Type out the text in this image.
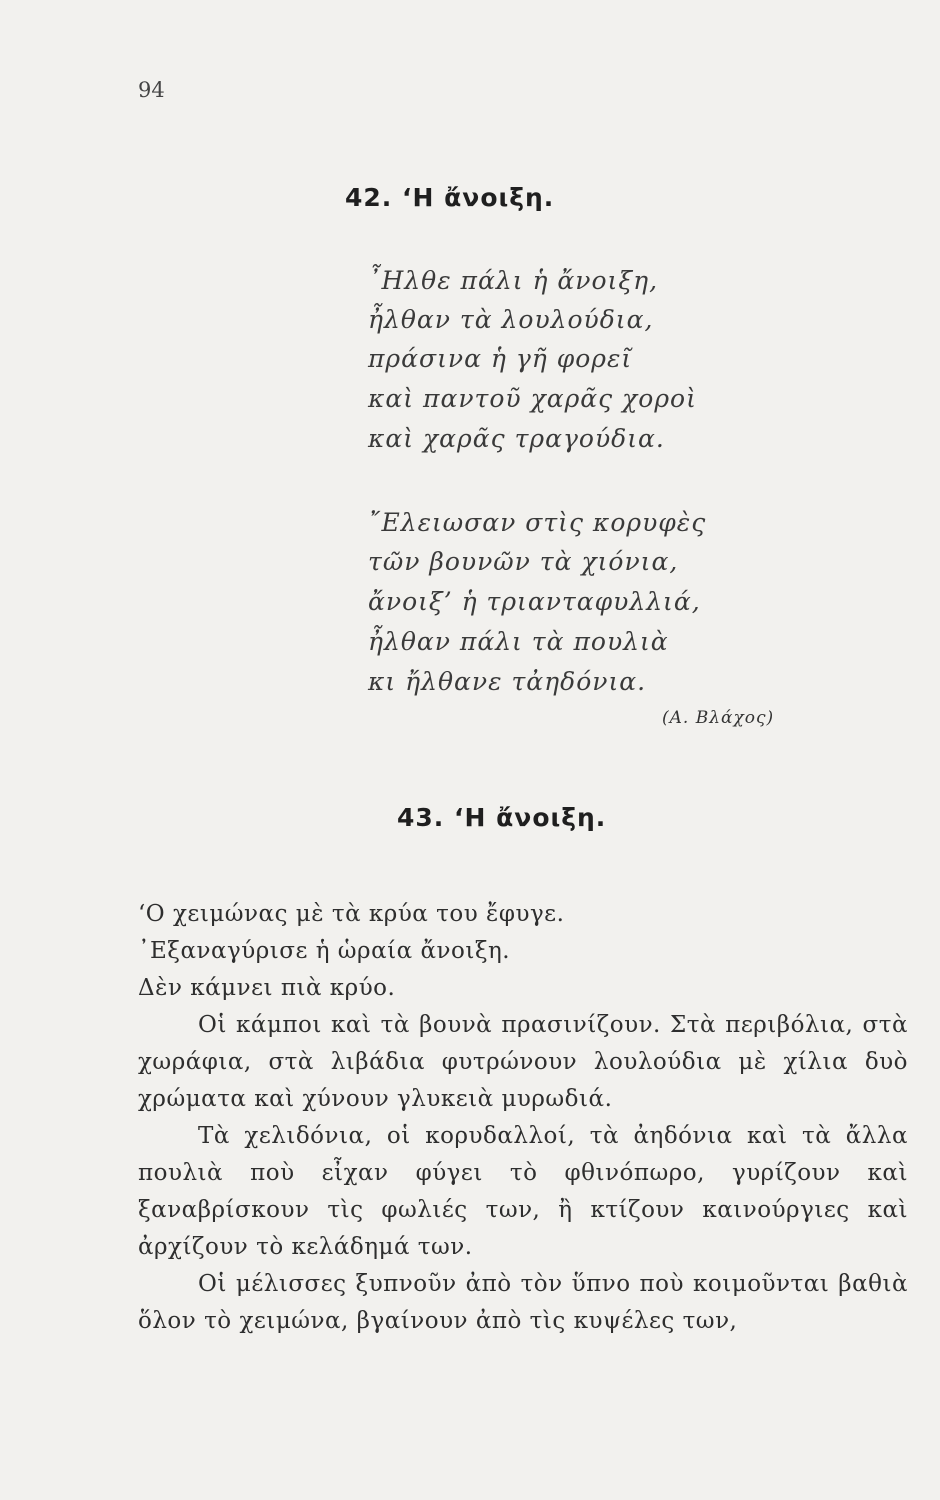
94
42. ‘Η ἄνοιξη.
῏Ηλθε πάλι ἡ ἄνοιξη,
ἦλθαν τὰ λουλούδια,
πράσινα ἡ γῆ φορεῖ
καὶ παντοῦ χαρᾶς χοροὶ
καὶ χαρᾶς τραγούδια.
῎Ελειωσαν στὶς κορυφὲς
τῶν βουνῶν τὰ χιόνια,
ἄνοιξ’ ἡ τριανταφυλλιά,
ἦλθαν πάλι τὰ πουλιὰ
κι ἤλθανε τἀηδόνια.
(Α. Βλάχος)
43. ‘Η ἄνοιξη.

‘Ο χειμώνας μὲ τὰ κρύα του ἔφυγε.

᾿Εξαναγύρισε ἡ ὡραία ἄνοιξη.

Δὲν κάμνει πιὰ κρύο.

Οἱ κάμποι καὶ τὰ βουνὰ πρασινίζουν. Στὰ περιβόλια, στὰ χωράφια, στὰ λιβάδια φυτρώνουν λουλούδια μὲ χίλια δυὸ χρώματα καὶ χύνουν γλυκειὰ μυρωδιά.

Τὰ χελιδόνια, οἱ κορυδαλλοί, τὰ ἀηδόνια καὶ τὰ ἄλλα πουλιὰ ποὺ εἶχαν φύγει τὸ φθινόπωρο, γυρίζουν καὶ ξαναβρίσκουν τὶς φωλιές των, ἢ κτίζουν καινούργιες καὶ ἀρχίζουν τὸ κελάδημά των.

Οἱ μέλισσες ξυπνοῦν ἀπὸ τὸν ὕπνο ποὺ κοιμοῦνται βαθιὰ ὅλον τὸ χειμώνα, βγαίνουν ἀπὸ τὶς κυψέλες των,
